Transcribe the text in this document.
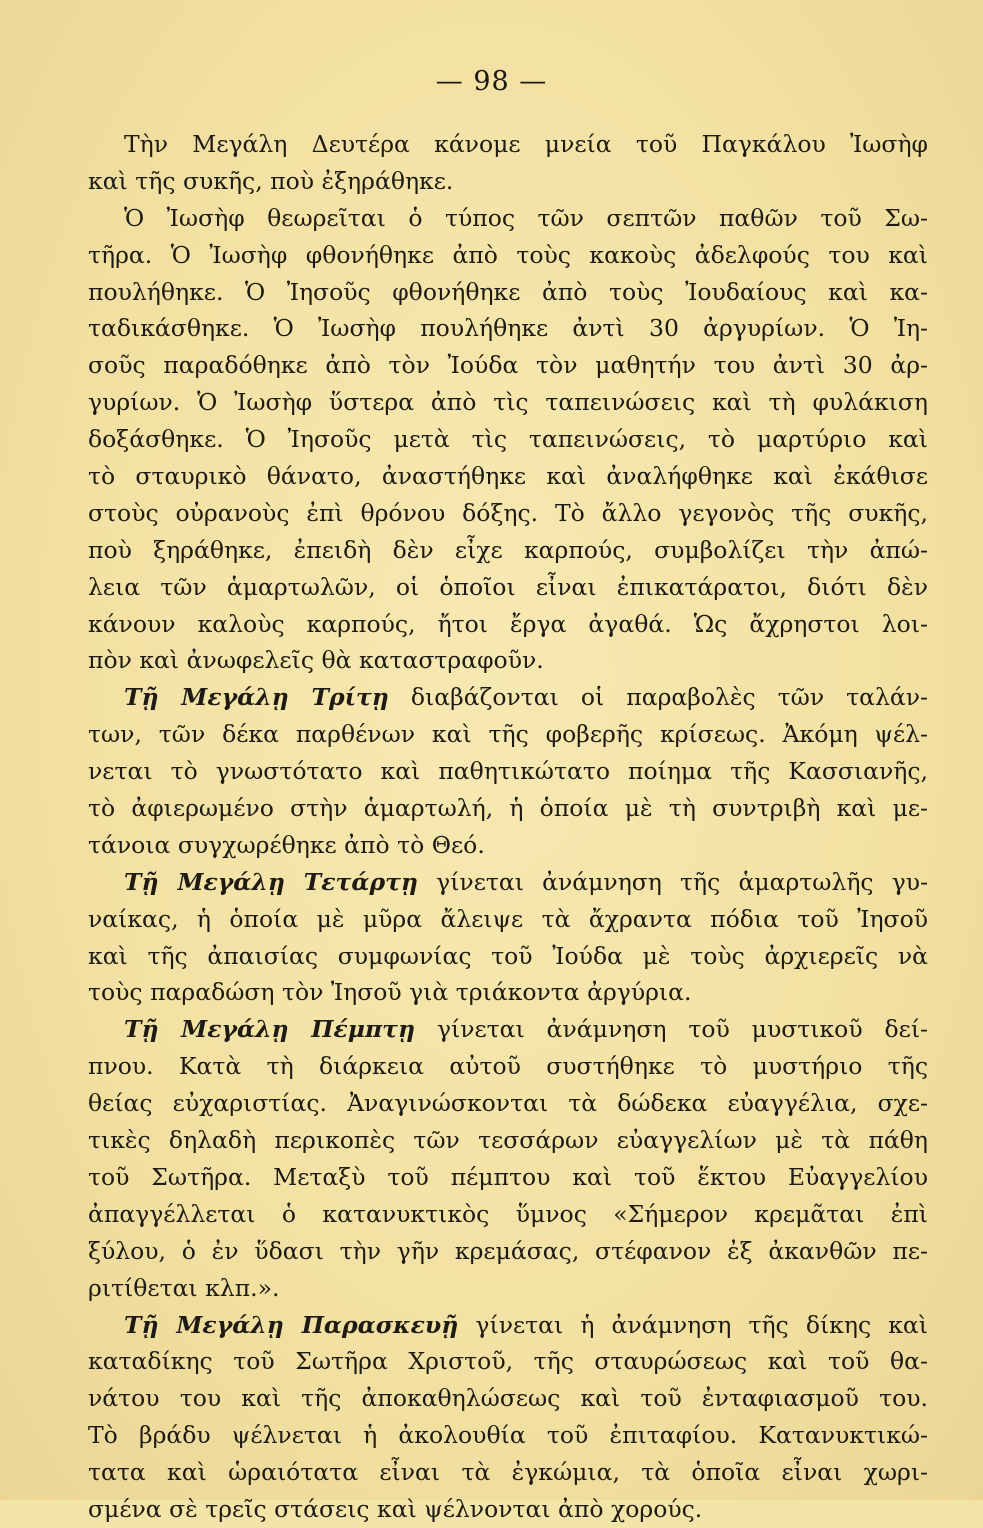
— 98 —
Τὴν Μεγάλη Δευτέρα κάνομε μνεία τοῦ Παγκάλου Ἰωσὴφ
καὶ τῆς συκῆς, ποὺ ἐξηράθηκε.
Ὁ Ἰωσὴφ θεωρεῖται ὁ τύπος τῶν σεπτῶν παθῶν τοῦ Σω-
τῆρα. Ὁ Ἰωσὴφ φθονήθηκε ἀπὸ τοὺς κακοὺς ἀδελφούς του καὶ
πουλήθηκε. Ὁ Ἰησοῦς φθονήθηκε ἀπὸ τοὺς Ἰουδαίους καὶ κα-
ταδικάσθηκε. Ὁ Ἰωσὴφ πουλήθηκε ἀντὶ 30 ἀργυρίων. Ὁ Ἰη-
σοῦς παραδόθηκε ἀπὸ τὸν Ἰούδα τὸν μαθητήν του ἀντὶ 30 ἀρ-
γυρίων. Ὁ Ἰωσὴφ ὕστερα ἀπὸ τὶς ταπεινώσεις καὶ τὴ φυλάκιση
δοξάσθηκε. Ὁ Ἰησοῦς μετὰ τὶς ταπεινώσεις, τὸ μαρτύριο καὶ
τὸ σταυρικὸ θάνατο, ἀναστήθηκε καὶ ἀναλήφθηκε καὶ ἐκάθισε
στοὺς οὐρανοὺς ἐπὶ θρόνου δόξης. Τὸ ἄλλο γεγονὸς τῆς συκῆς,
ποὺ ξηράθηκε, ἐπειδὴ δὲν εἶχε καρπούς, συμβολίζει τὴν ἀπώ-
λεια τῶν ἁμαρτωλῶν, οἱ ὁποῖοι εἶναι ἐπικατάρατοι, διότι δὲν
κάνουν καλοὺς καρπούς, ἤτοι ἔργα ἀγαθά. Ὡς ἄχρηστοι λοι-
πὸν καὶ ἀνωφελεῖς θὰ καταστραφοῦν.
Τῇ Μεγάλῃ Τρίτῃ διαβάζονται οἱ παραβολὲς τῶν ταλάν-
των, τῶν δέκα παρθένων καὶ τῆς φοβερῆς κρίσεως. Ἀκόμη ψέλ-
νεται τὸ γνωστότατο καὶ παθητικώτατο ποίημα τῆς Κασσιανῆς,
τὸ ἀφιερωμένο στὴν ἁμαρτωλή, ἡ ὁποία μὲ τὴ συντριβὴ καὶ με-
τάνοια συγχωρέθηκε ἀπὸ τὸ Θεό.
Τῇ Μεγάλῃ Τετάρτῃ γίνεται ἀνάμνηση τῆς ἁμαρτωλῆς γυ-
ναίκας, ἡ ὁποία μὲ μῦρα ἄλειψε τὰ ἄχραντα πόδια τοῦ Ἰησοῦ
καὶ τῆς ἀπαισίας συμφωνίας τοῦ Ἰούδα μὲ τοὺς ἀρχιερεῖς νὰ
τοὺς παραδώση τὸν Ἰησοῦ γιὰ τριάκοντα ἀργύρια.
Τῇ Μεγάλῃ Πέμπτῃ γίνεται ἀνάμνηση τοῦ μυστικοῦ δεί-
πνου. Κατὰ τὴ διάρκεια αὐτοῦ συστήθηκε τὸ μυστήριο τῆς
θείας εὐχαριστίας. Ἀναγινώσκονται τὰ δώδεκα εὐαγγέλια, σχε-
τικὲς δηλαδὴ περικοπὲς τῶν τεσσάρων εὐαγγελίων μὲ τὰ πάθη
τοῦ Σωτῆρα. Μεταξὺ τοῦ πέμπτου καὶ τοῦ ἕκτου Εὐαγγελίου
ἀπαγγέλλεται ὁ κατανυκτικὸς ὕμνος «Σήμερον κρεμᾶται ἐπὶ
ξύλου, ὁ ἐν ὕδασι τὴν γῆν κρεμάσας, στέφανον ἐξ ἀκανθῶν πε-
ριτίθεται κλπ.».
Τῇ Μεγάλῃ Παρασκευῇ γίνεται ἡ ἀνάμνηση τῆς δίκης καὶ
καταδίκης τοῦ Σωτῆρα Χριστοῦ, τῆς σταυρώσεως καὶ τοῦ θα-
νάτου του καὶ τῆς ἀποκαθηλώσεως καὶ τοῦ ἐνταφιασμοῦ του.
Τὸ βράδυ ψέλνεται ἡ ἀκολουθία τοῦ ἐπιταφίου. Κατανυκτικώ-
τατα καὶ ὡραιότατα εἶναι τὰ ἐγκώμια, τὰ ὁποῖα εἶναι χωρι-
σμένα σὲ τρεῖς στάσεις καὶ ψέλνονται ἀπὸ χορούς.
